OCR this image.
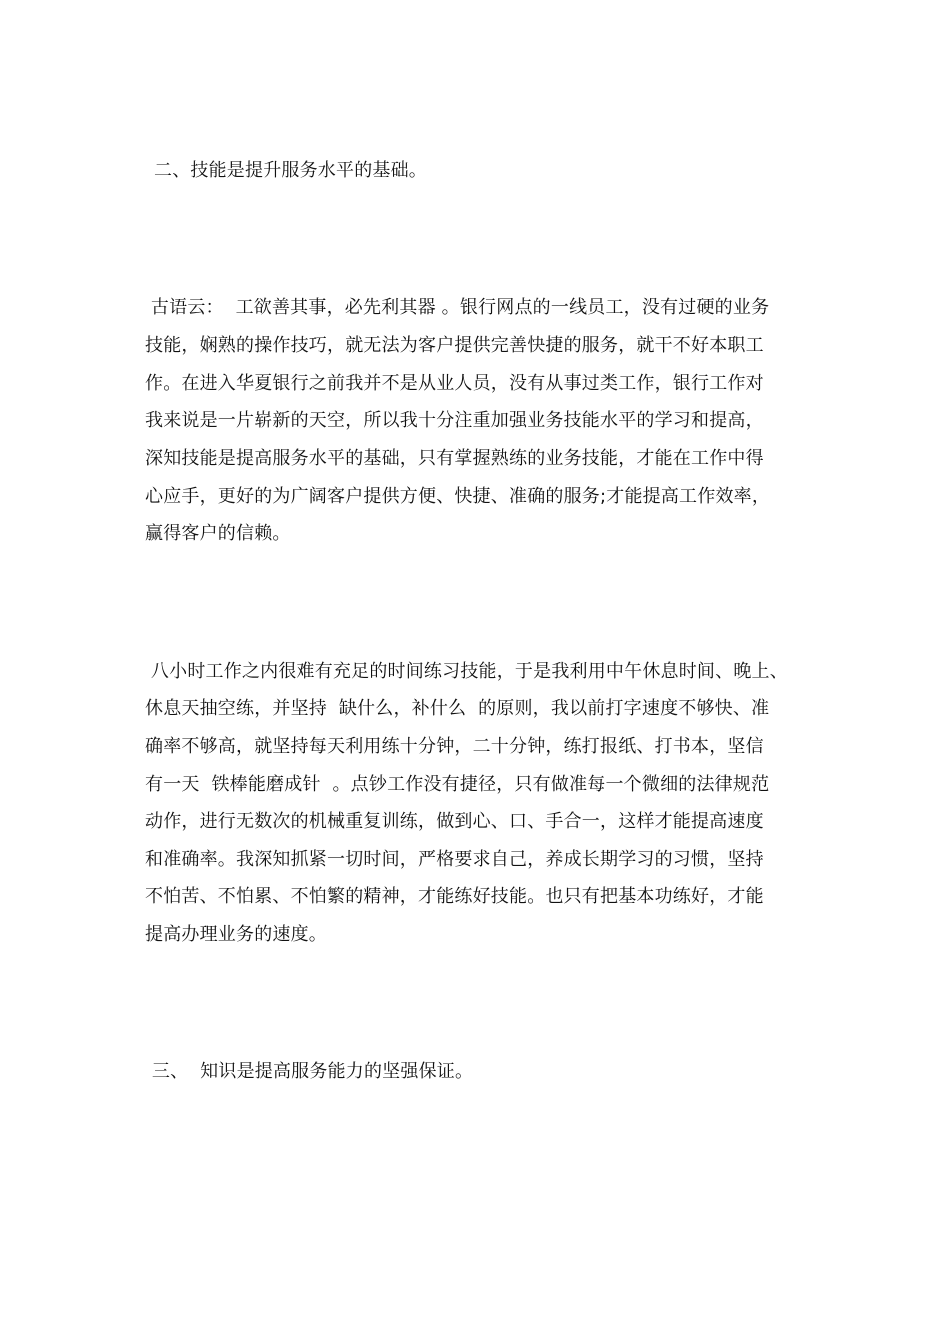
二、技能是提升服务水平的基础。
古语云：  工欲善其事，必先利其器 。银行网点的一线员工，没有过硬的业务
技能，娴熟的操作技巧，就无法为客户提供完善快捷的服务，就干不好本职工
作。在进入华夏银行之前我并不是从业人员，没有从事过类工作，银行工作对
我来说是一片崭新的天空，所以我十分注重加强业务技能水平的学习和提高，
深知技能是提高服务水平的基础，只有掌握熟练的业务技能，才能在工作中得
心应手，更好的为广阔客户提供方便、快捷、准确的服务;才能提高工作效率，
赢得客户的信赖。
八小时工作之内很难有充足的时间练习技能，于是我利用中午休息时间、晚上、
休息天抽空练，并坚持  缺什么，补什么  的原则，我以前打字速度不够快、准
确率不够高，就坚持每天利用练十分钟，二十分钟，练打报纸、打书本，坚信
有一天  铁棒能磨成针  。点钞工作没有捷径，只有做准每一个微细的法律规范
动作，进行无数次的机械重复训练，做到心、口、手合一，这样才能提高速度
和准确率。我深知抓紧一切时间，严格要求自己，养成长期学习的习惯，坚持
不怕苦、不怕累、不怕繁的精神，才能练好技能。也只有把基本功练好，才能
提高办理业务的速度。
三、  知识是提高服务能力的坚强保证。
